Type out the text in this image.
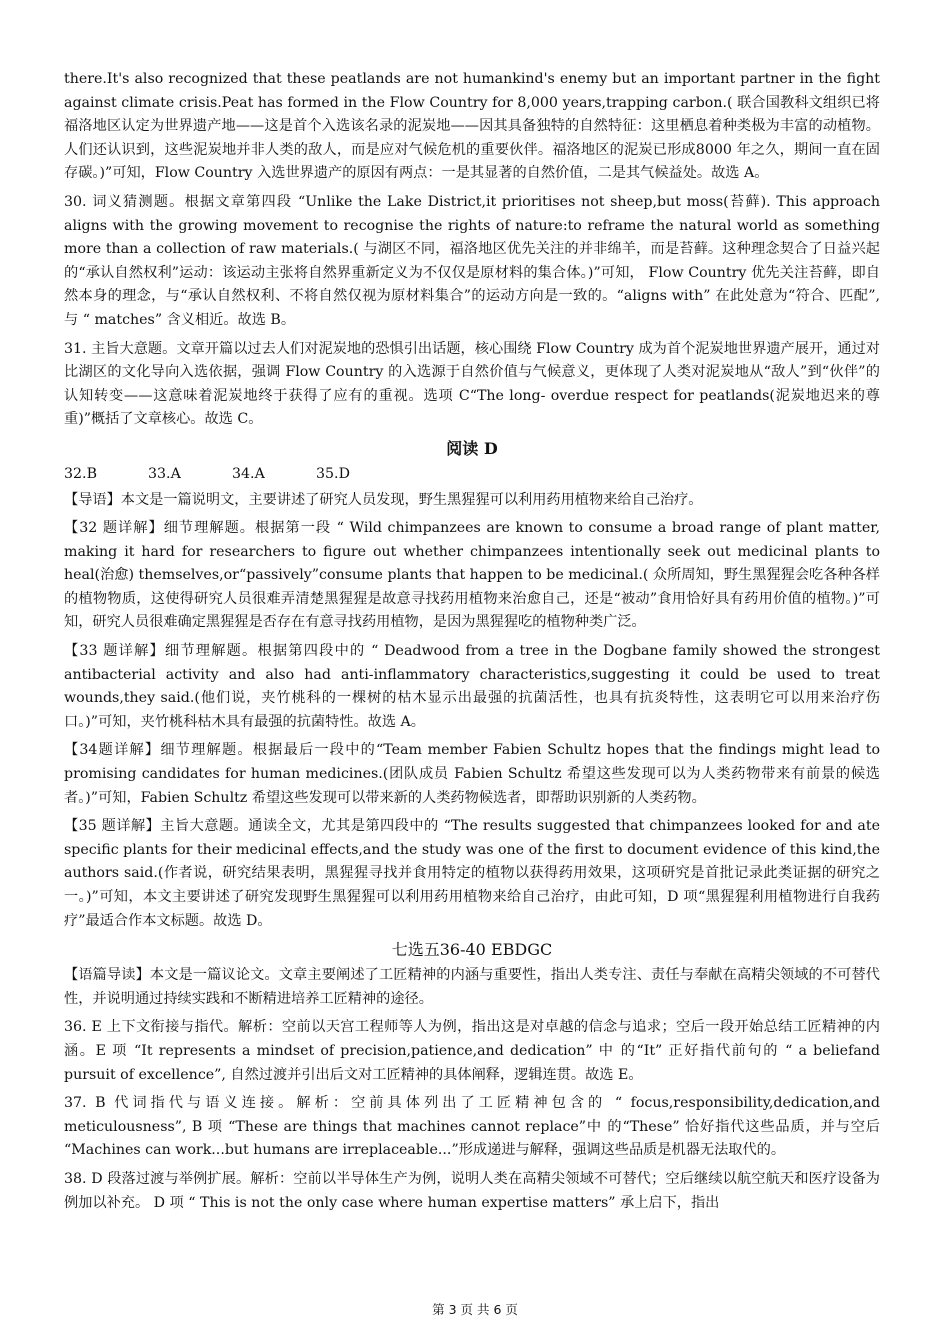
there.It's also recognized that these peatlands are not humankind's enemy but an important partner in the fight against climate crisis.Peat has formed in the Flow Country for 8,000 years,trapping carbon.( 联合国教科文组织已将福洛地区认定为世界遗产地——这是首个入选该名录的泥炭地——因其具备独特的自然特征：这里栖息着种类极为丰富的动植物。人们还认识到，这些泥炭地并非人类的敌人，而是应对气候危机的重要伙伴。福洛地区的泥炭已形成8000 年之久，期间一直在固存碳。)”可知，Flow Country 入选世界遗产的原因有两点：一是其显著的自然价值，二是其气候益处。故选 A。

30. 词义猜测题。根据文章第四段 “Unlike the Lake District,it prioritises not sheep,but moss(苔藓). This approach aligns with the growing movement to recognise the rights of nature:to reframe the natural world as something more than a collection of raw materials.( 与湖区不同，福洛地区优先关注的并非绵羊，而是苔藓。这种理念契合了日益兴起的“承认自然权利”运动：该运动主张将自然界重新定义为不仅仅是原材料的集合体。)”可知， Flow Country 优先关注苔藓，即自然本身的理念，与“承认自然权利、不将自然仅视为原材料集合”的运动方向是一致的。“aligns with” 在此处意为“符合、匹配”, 与 “ matches” 含义相近。故选 B。

31. 主旨大意题。文章开篇以过去人们对泥炭地的恐惧引出话题，核心围绕 Flow Country 成为首个泥炭地世界遗产展开，通过对比湖区的文化导向入选依据，强调 Flow Country 的入选源于自然价值与气候意义，更体现了人类对泥炭地从“敌人”到“伙伴”的认知转变——这意味着泥炭地终于获得了应有的重视。选项 C“The long- overdue respect for peatlands(泥炭地迟来的尊重)”概括了文章核心。故选 C。

阅读 D
32.B	33.A	34.A	35.D

【导语】本文是一篇说明文，主要讲述了研究人员发现，野生黑猩猩可以利用药用植物来给自己治疗。

【32 题详解】细节理解题。根据第一段 “ Wild chimpanzees are known to consume a broad range of plant matter, making it hard for researchers to figure out whether chimpanzees intentionally seek out medicinal plants to heal(治愈) themselves,or“passively”consume plants that happen to be medicinal.( 众所周知，野生黑猩猩会吃各种各样的植物物质，这使得研究人员很难弄清楚黑猩猩是故意寻找药用植物来治愈自己，还是“被动”食用恰好具有药用价值的植物。)”可知，研究人员很难确定黑猩猩是否存在有意寻找药用植物，是因为黑猩猩吃的植物种类广泛。

【33 题详解】细节理解题。根据第四段中的 “ Deadwood from a tree in the Dogbane family showed the strongest antibacterial activity and also had anti-inflammatory characteristics,suggesting it could be used to treat wounds,they said.(他们说，夹竹桃科的一棵树的枯木显示出最强的抗菌活性，也具有抗炎特性，这表明它可以用来治疗伤口。)”可知，夹竹桃科枯木具有最强的抗菌特性。故选 A。

【34题详解】细节理解题。根据最后一段中的“Team member Fabien Schultz hopes that the findings might lead to promising candidates for human medicines.(团队成员 Fabien Schultz 希望这些发现可以为人类药物带来有前景的候选者。)”可知，Fabien Schultz 希望这些发现可以带来新的人类药物候选者，即帮助识别新的人类药物。

【35 题详解】主旨大意题。通读全文，尤其是第四段中的 “The results suggested that chimpanzees looked for and ate specific plants for their medicinal effects,and the study was one of the first to document evidence of this kind,the authors said.(作者说，研究结果表明，黑猩猩寻找并食用特定的植物以获得药用效果，这项研究是首批记录此类证据的研究之一。)”可知，本文主要讲述了研究发现野生黑猩猩可以利用药用植物来给自己治疗，由此可知，D 项“黑猩猩利用植物进行自我药疗”最适合作本文标题。故选 D。

七选五36-40 EBDGC

【语篇导读】本文是一篇议论文。文章主要阐述了工匠精神的内涵与重要性，指出人类专注、责任与奉献在高精尖领域的不可替代性，并说明通过持续实践和不断精进培养工匠精神的途径。

36. E 上下文衔接与指代。解析：空前以天宫工程师等人为例，指出这是对卓越的信念与追求；空后一段开始总结工匠精神的内涵。E 项 “It represents a mindset of precision,patience,and dedication” 中 的“It” 正好指代前句的 “ a beliefand pursuit of excellence”, 自然过渡并引出后文对工匠精神的具体阐释，逻辑连贯。故选 E。

37. B 代词指代与语义连接。解析：空前具体列出了工匠精神包含的 “ focus,responsibility,dedication,and meticulousness”, B 项 “These are things that machines cannot replace”中 的“These” 恰好指代这些品质，并与空后 “Machines can work...but humans are irreplaceable...”形成递进与解释，强调这些品质是机器无法取代的。

38. D 段落过渡与举例扩展。解析：空前以半导体生产为例，说明人类在高精尖领域不可替代；空后继续以航空航天和医疗设备为例加以补充。 D 项 “ This is not the only case where human expertise matters” 承上启下，指出

第 3 页 共 6 页
